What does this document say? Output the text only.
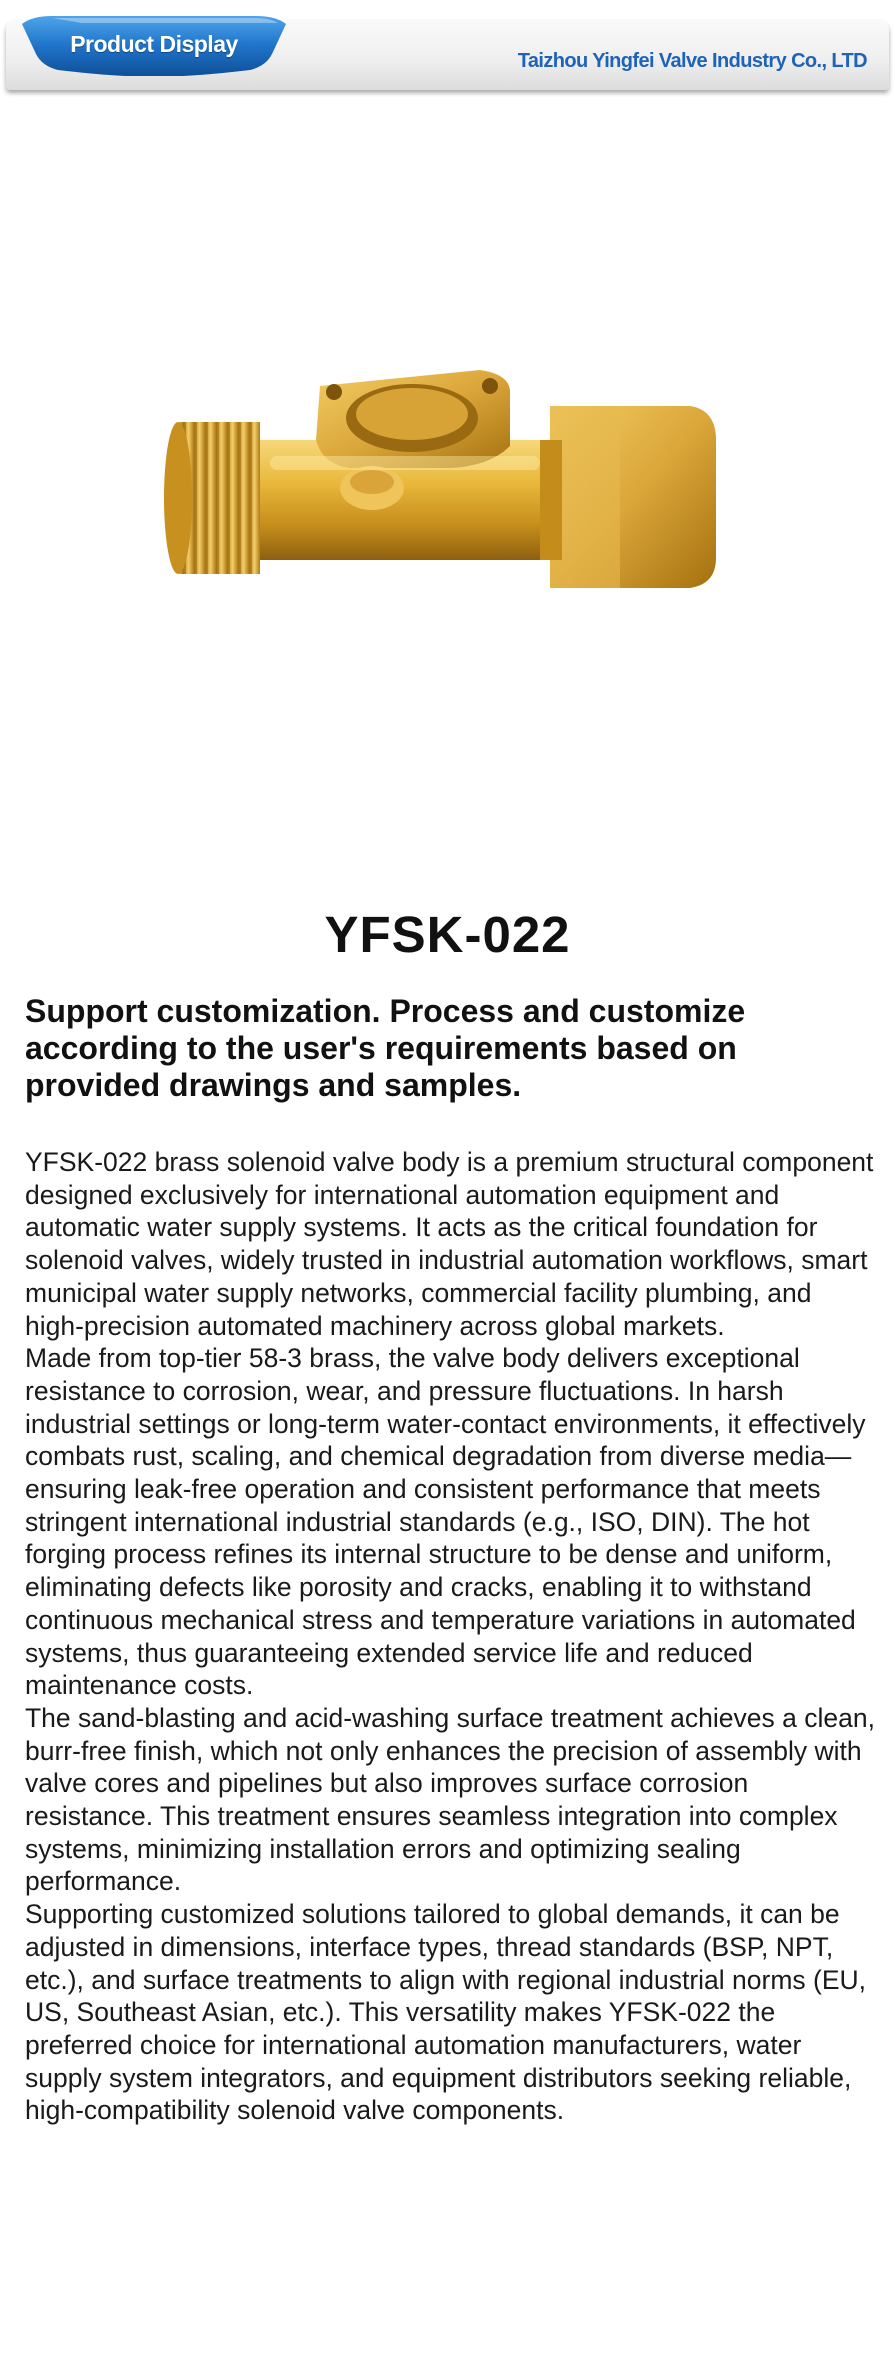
Product Display
Taizhou Yingfei Valve Industry Co., LTD
YFSK-022
Support customization. Process and customize according to the user's requirements based on provided drawings and samples.

YFSK-022 brass solenoid valve body is a premium structural component designed exclusively for international automation equipment and automatic water supply systems. It acts as the critical foundation for solenoid valves, widely trusted in industrial automation workflows, smart municipal water supply networks, commercial facility plumbing, and high-precision automated machinery across global markets.

Made from top-tier 58-3 brass, the valve body delivers exceptional resistance to corrosion, wear, and pressure fluctuations. In harsh industrial settings or long-term water-contact environments, it effectively combats rust, scaling, and chemical degradation from diverse media—ensuring leak-free operation and consistent performance that meets stringent international industrial standards (e.g., ISO, DIN). The hot forging process refines its internal structure to be dense and uniform, eliminating defects like porosity and cracks, enabling it to withstand continuous mechanical stress and temperature variations in automated systems, thus guaranteeing extended service life and reduced maintenance costs.

The sand-blasting and acid-washing surface treatment achieves a clean, burr-free finish, which not only enhances the precision of assembly with valve cores and pipelines but also improves surface corrosion resistance. This treatment ensures seamless integration into complex systems, minimizing installation errors and optimizing sealing performance.

Supporting customized solutions tailored to global demands, it can be adjusted in dimensions, interface types, thread standards (BSP, NPT, etc.), and surface treatments to align with regional industrial norms (EU, US, Southeast Asian, etc.). This versatility makes YFSK-022 the preferred choice for international automation manufacturers, water supply system integrators, and equipment distributors seeking reliable, high-compatibility solenoid valve components.
